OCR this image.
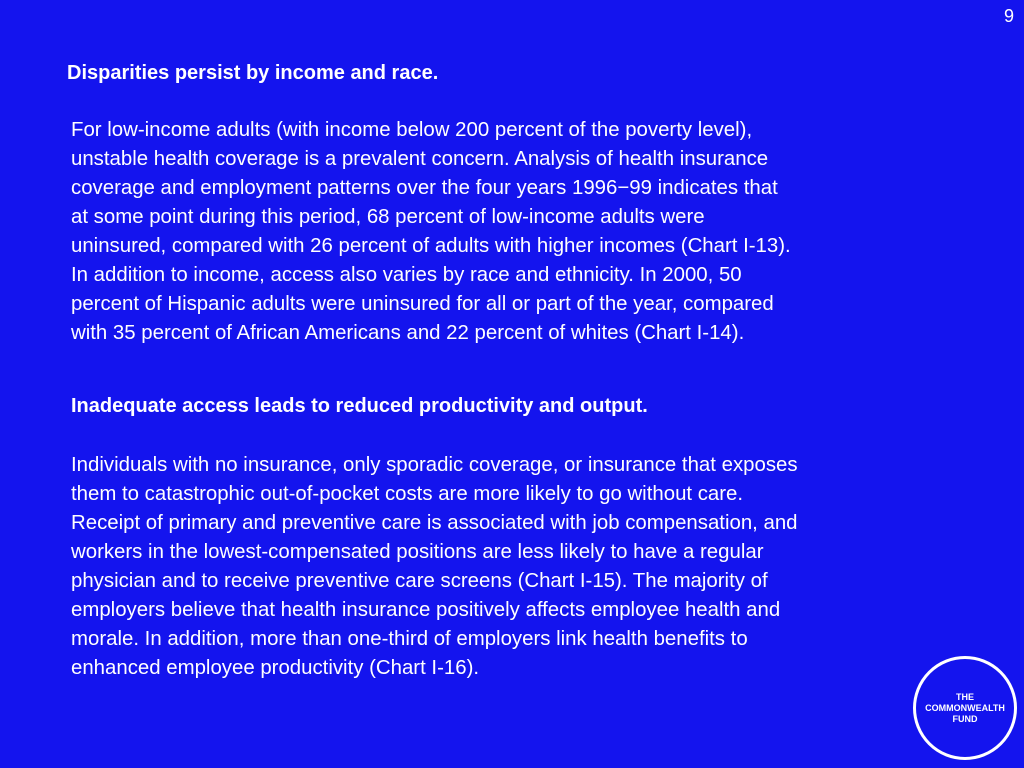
9
Disparities persist by income and race.

For low-income adults (with income below 200 percent of the poverty level),
unstable health coverage is a prevalent concern. Analysis of health insurance
coverage and employment patterns over the four years 1996−99 indicates that
at some point during this period, 68 percent of low-income adults were
uninsured, compared with 26 percent of adults with higher incomes (Chart I-13).
In addition to income, access also varies by race and ethnicity. In 2000, 50
percent of Hispanic adults were uninsured for all or part of the year, compared
with 35 percent of African Americans and 22 percent of whites (Chart I-14).

Inadequate access leads to reduced productivity and output.

Individuals with no insurance, only sporadic coverage, or insurance that exposes
them to catastrophic out-of-pocket costs are more likely to go without care.
Receipt of primary and preventive care is associated with job compensation, and
workers in the lowest-compensated positions are less likely to have a regular
physician and to receive preventive care screens (Chart I-15). The majority of
employers believe that health insurance positively affects employee health and
morale. In addition, more than one-third of employers link health benefits to
enhanced employee productivity (Chart I-16).

THE
COMMONWEALTH
FUND
